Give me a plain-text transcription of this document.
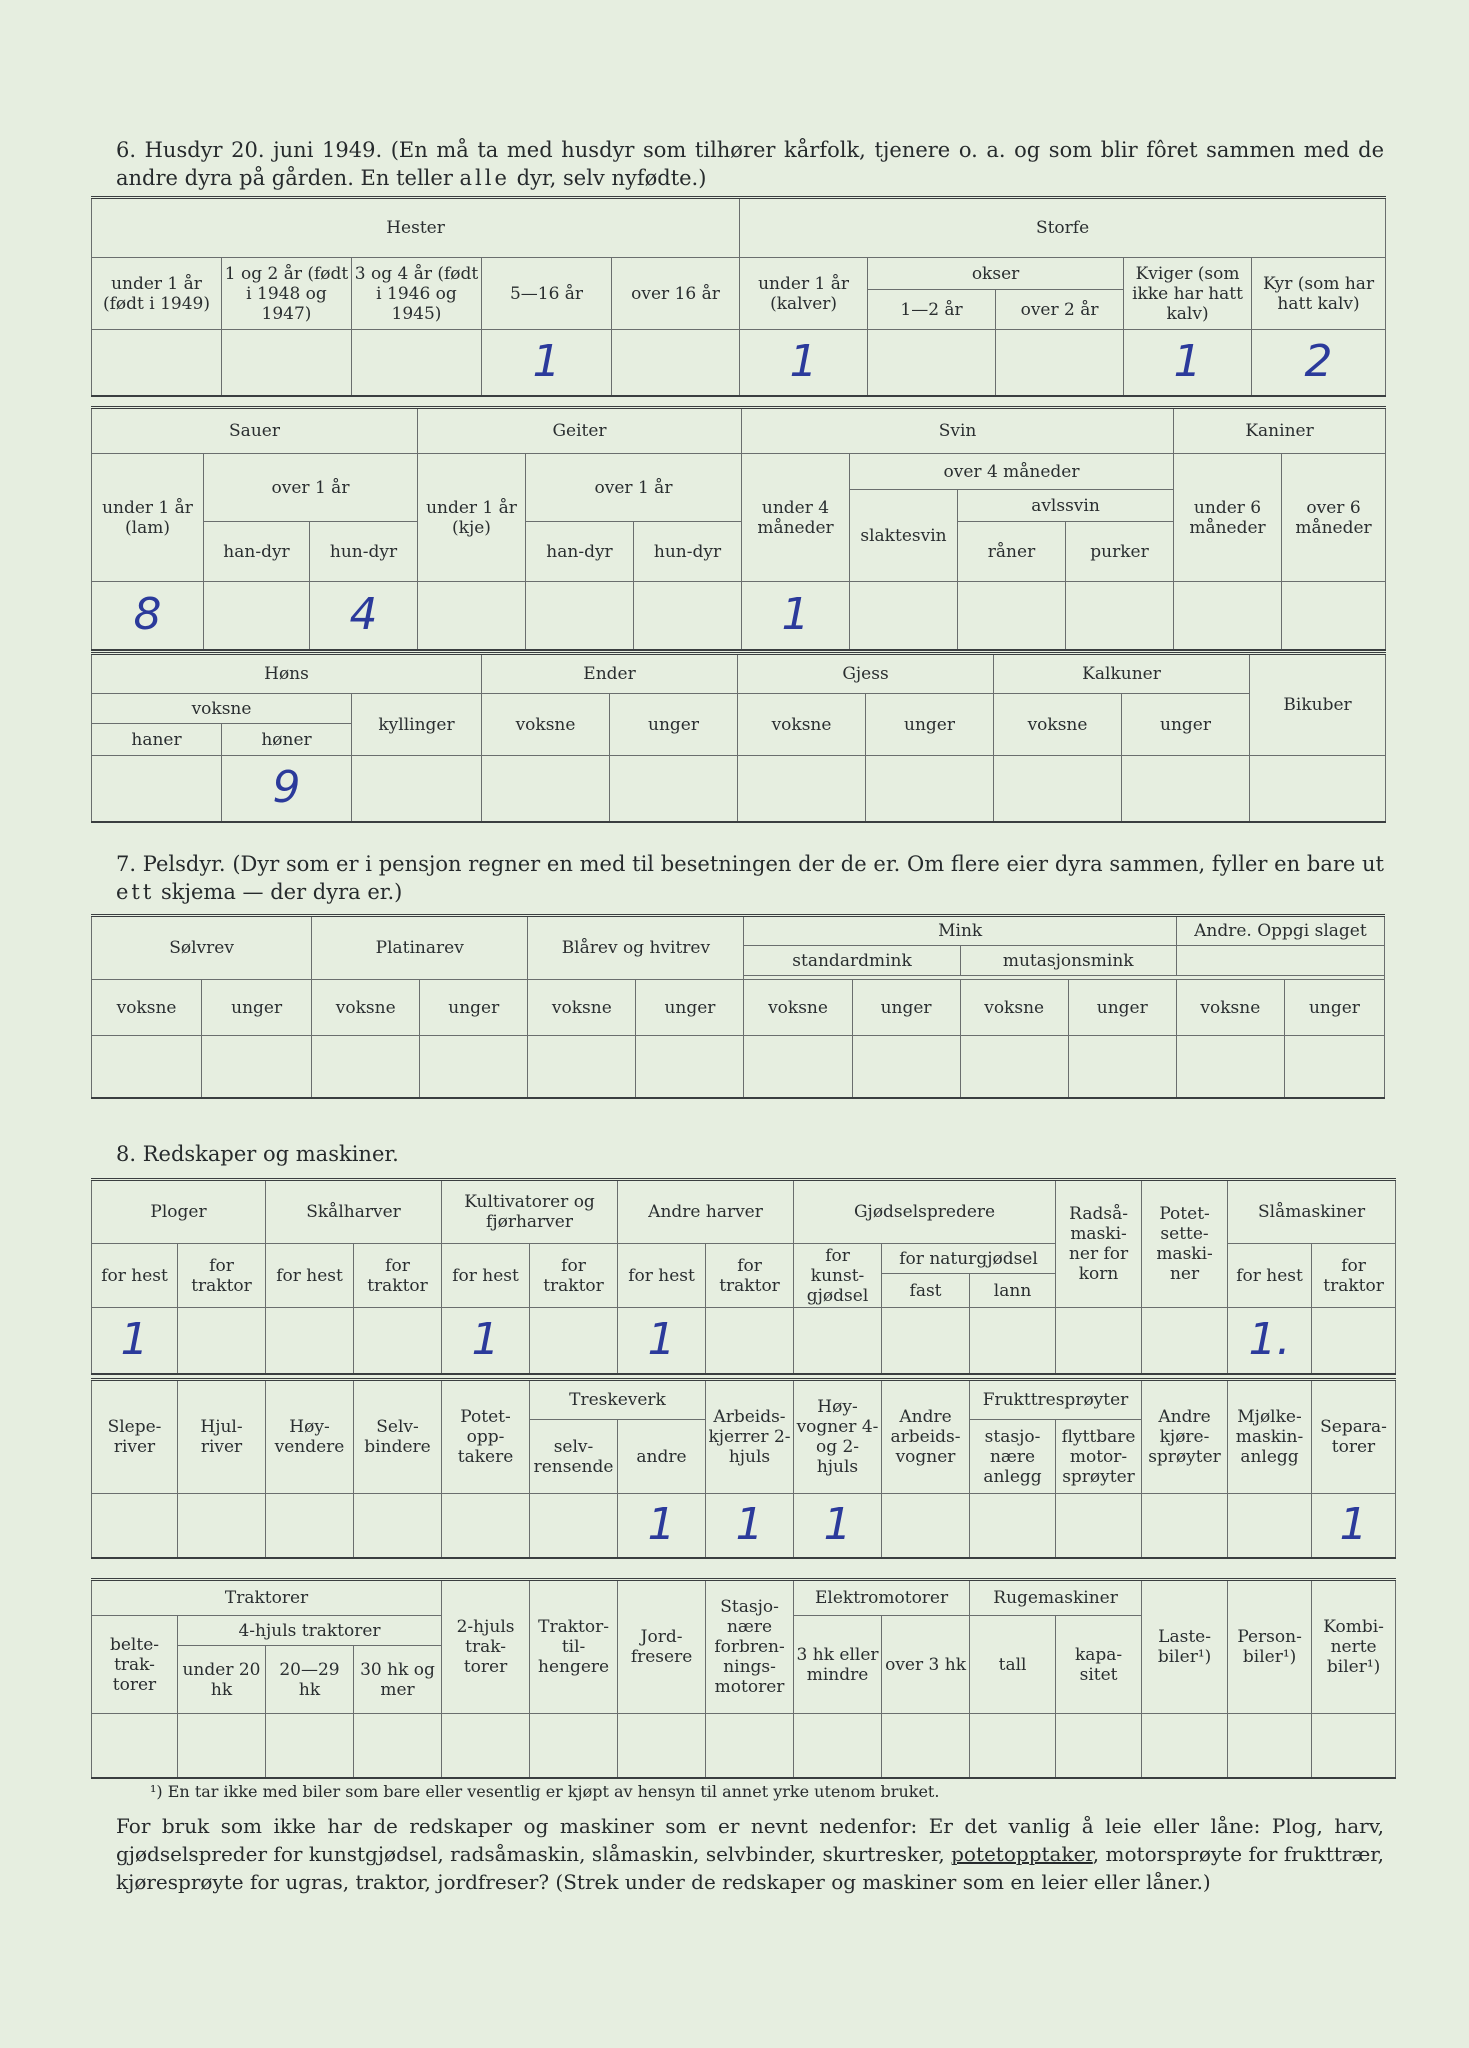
6. Husdyr 20. juni 1949. (En må ta med husdyr som tilhører kårfolk, tjenere o. a. og som blir fôret sammen med de andre dyra på gården. En teller alle dyr, selv nyfødte.)

Hester					Storfe				
under 1 år (født i 1949)	1 og 2 år (født i 1948 og 1947)	3 og 4 år (født i 1946 og 1945)	5—16 år	over 16 år	under 1 år (kalver)	okser		Kviger (som ikke har hatt kalv)	Kyr (som har hatt kalv)
						1—2 år	over 2 år		
			1		1			1	2
Sauer			Geiter			Svin				Kaniner	
under 1 år (lam)	over 1 år		under 1 år (kje)	over 1 år		under 4 måneder	over 4 måneder			under 6 måneder	over 6 måneder
							slaktesvin	avlssvin			
	han-dyr	hun-dyr		han-dyr	hun-dyr			råner	purker		
8		4				1					
Høns			Ender		Gjess		Kalkuner		Bikuber
voksne		kyllinger	voksne	unger	voksne	unger	voksne	unger	
haner	høner								
	9								

7. Pelsdyr. (Dyr som er i pensjon regner en med til besetningen der de er. Om flere eier dyra sammen, fyller en bare ut ett skjema — der dyra er.)

Sølvrev		Platinarev		Blårev og hvitrev		Mink				Andre. Oppgi slaget	
						standardmink		mutasjonsmink			

voksne	unger	voksne	unger	voksne	unger	voksne	unger	voksne	unger	voksne	unger

8. Redskaper og maskiner.

Ploger		Skålharver		Kultivatorer og fjørharver		Andre harver		Gjødselspredere			Radså-maski-ner for korn	Potet-sette-maski-ner	Slåmaskiner	
for hest	for traktor	for hest	for traktor	for hest	for traktor	for hest	for traktor	for kunst-gjødsel	for naturgjødsel				for hest	for traktor
									fast	lann				
1				1		1							1.	
Slepe-river	Hjul-river	Høy-vendere	Selv-bindere	Potet-opp-takere	Treskeverk		Arbeids-kjerrer 2-hjuls	Høy-vogner 4- og 2-hjuls	Andre arbeids-vogner	Frukttresprøyter		Andre kjøre-sprøyter	Mjølke-maskin-anlegg	Separa-torer
					selv-rensende	andre				stasjo-nære anlegg	flyttbare motor-sprøyter			
						1	1	1						1
Traktorer				2-hjuls trak-torer	Traktor-til-hengere	Jord-fresere	Stasjo-nære forbren-nings-motorer	Elektromotorer		Rugemaskiner		Laste-biler¹)	Person-biler¹)	Kombi-nerte biler¹)
belte-trak-torer	4-hjuls traktorer							3 hk eller mindre	over 3 hk	tall	kapa-sitet			
	under 20 hk	20—29 hk	30 hk og mer											

¹) En tar ikke med biler som bare eller vesentlig er kjøpt av hensyn til annet yrke utenom bruket.

For bruk som ikke har de redskaper og maskiner som er nevnt nedenfor: Er det vanlig å leie eller låne: Plog, harv, gjødselspreder for kunstgjødsel, radsåmaskin, slåmaskin, selvbinder, skurtresker, potetopptaker, motorsprøyte for frukttrær, kjøresprøyte for ugras, traktor, jordfreser? (Strek under de redskaper og maskiner som en leier eller låner.)
